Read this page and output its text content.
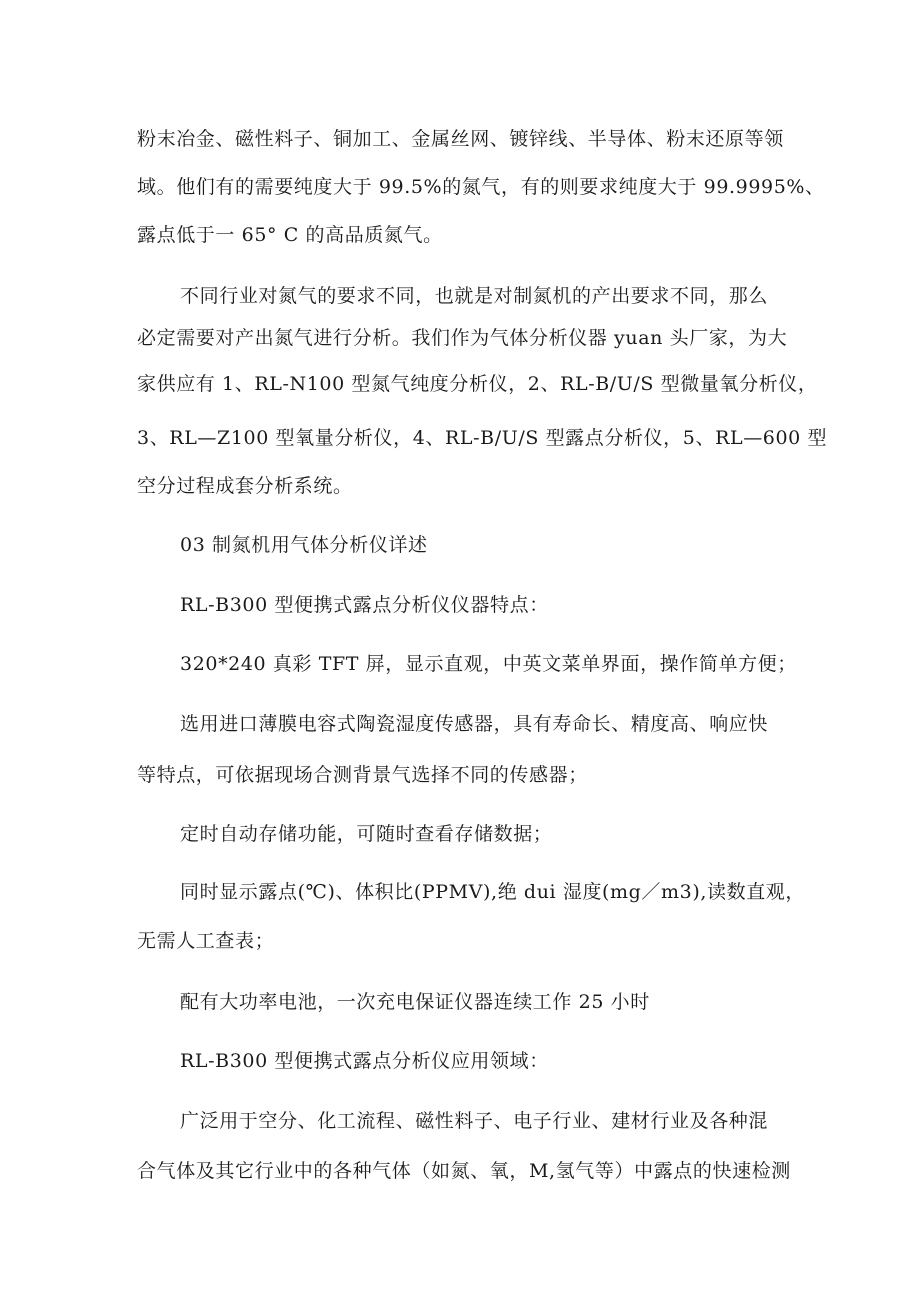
粉末冶金、磁性料子、铜加工、金属丝网、镀锌线、半导体、粉末还原等领
域。他们有的需要纯度大于 99.5%的氮气，有的则要求纯度大于 99.9995%、
露点低于一 65° C 的高品质氮气。
不同行业对氮气的要求不同，也就是对制氮机的产出要求不同，那么
必定需要对产出氮气进行分析。我们作为气体分析仪器 yuan 头厂家，为大
家供应有 1、RL-N100 型氮气纯度分析仪，2、RL-B/U/S 型微量氧分析仪，
3、RL—Z100 型氧量分析仪，4、RL-B/U/S 型露点分析仪，5、RL—600 型
空分过程成套分析系统。
03 制氮机用气体分析仪详述
RL-B300 型便携式露点分析仪仪器特点：
320*240 真彩 TFT 屏，显示直观，中英文菜单界面，操作简单方便；
选用进口薄膜电容式陶瓷湿度传感器，具有寿命长、精度高、响应快
等特点，可依据现场合测背景气选择不同的传感器；
定时自动存储功能，可随时查看存储数据；
同时显示露点(℃)、体积比(PPMV),绝 dui 湿度(mg／m3),读数直观，
无需人工查表；
配有大功率电池，一次充电保证仪器连续工作 25 小时
RL-B300 型便携式露点分析仪应用领域：
广泛用于空分、化工流程、磁性料子、电子行业、建材行业及各种混
合气体及其它行业中的各种气体（如氮、氧，M,氢气等）中露点的快速检测
